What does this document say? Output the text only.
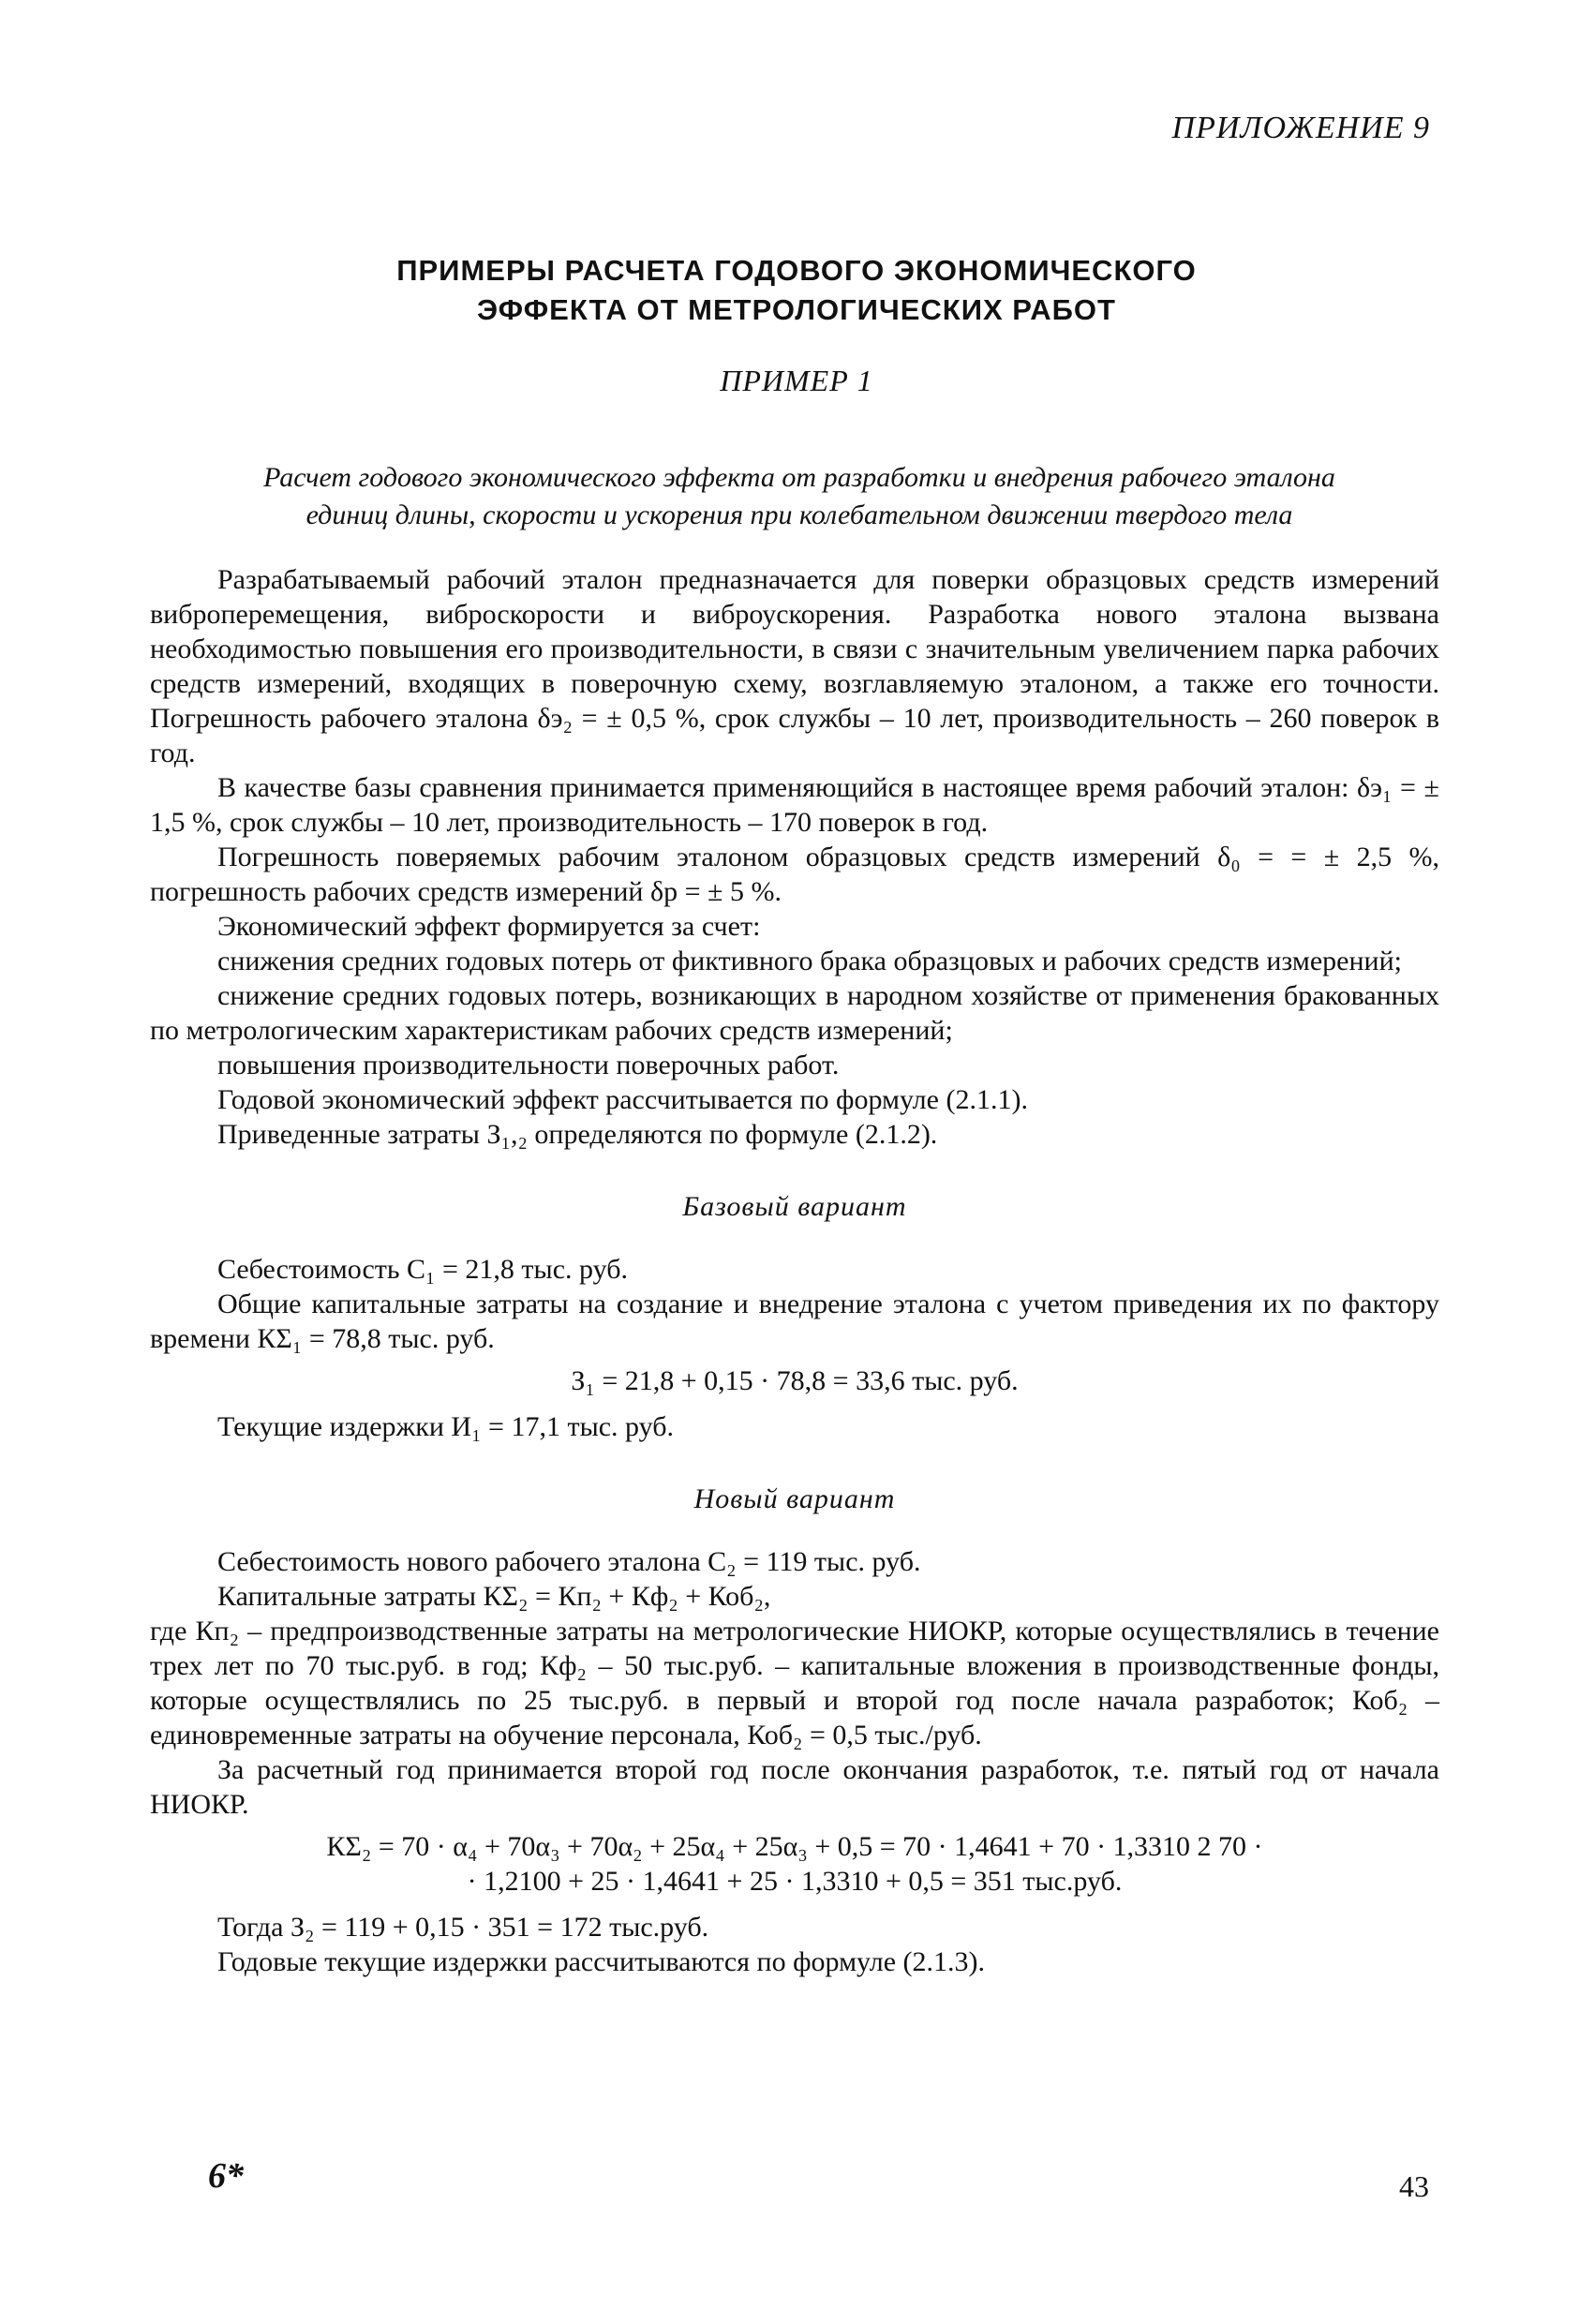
ПРИЛОЖЕНИЕ 9
ПРИМЕРЫ РАСЧЕТА ГОДОВОГО ЭКОНОМИЧЕСКОГО
ЭФФЕКТА ОТ МЕТРОЛОГИЧЕСКИХ РАБОТ
ПРИМЕР 1
Расчет годового экономического эффекта от разработки и внедрения рабочего эталона
единиц длины, скорости и ускорения при колебательном движении твердого тела

Разрабатываемый рабочий эталон предназначается для поверки образцовых средств измерений виброперемещения, виброскорости и виброускорения. Разработка нового эталона вызвана необходимостью повышения его производительности, в связи с значительным увеличением парка рабочих средств измерений, входящих в поверочную схему, возглавляемую эталоном, а также его точности. Погрешность рабочего эталона δэ₂ = ± 0,5 %, срок службы – 10 лет, производительность – 260 поверок в год.

В качестве базы сравнения принимается применяющийся в настоящее время рабочий эталон: δэ₁ = ± 1,5 %, срок службы – 10 лет, производительность – 170 поверок в год.

Погрешность поверяемых рабочим эталоном образцовых средств измерений δ₀ = = ± 2,5 %, погрешность рабочих средств измерений δр = ± 5 %.

Экономический эффект формируется за счет:

снижения средних годовых потерь от фиктивного брака образцовых и рабочих средств измерений;

снижение средних годовых потерь, возникающих в народном хозяйстве от применения бракованных по метрологическим характеристикам рабочих средств измерений;

повышения производительности поверочных работ.

Годовой экономический эффект рассчитывается по формуле (2.1.1).

Приведенные затраты З₁,₂ определяются по формуле (2.1.2).

Базовый вариант

Себестоимость С₁ = 21,8 тыс. руб.

Общие капитальные затраты на создание и внедрение эталона с учетом приведения их по фактору времени КΣ₁ = 78,8 тыс. руб.

З₁ = 21,8 + 0,15 · 78,8 = 33,6 тыс. руб.

Текущие издержки И₁ = 17,1 тыс. руб.

Новый вариант

Себестоимость нового рабочего эталона С₂ = 119 тыс. руб.

Капитальные затраты КΣ₂ = Кп₂ + Кф₂ + Коб₂,

где Кп₂ – предпроизводственные затраты на метрологические НИОКР, которые осуществлялись в течение трех лет по 70 тыс.руб. в год; Кф₂ – 50 тыс.руб. – капитальные вложения в производственные фонды, которые осуществлялись по 25 тыс.руб. в первый и второй год после начала разработок; Коб₂ – единовременные затраты на обучение персонала, Коб₂ = 0,5 тыс./руб.

За расчетный год принимается второй год после окончания разработок, т.е. пятый год от начала НИОКР.

КΣ₂ = 70 · α₄ + 70α₃ + 70α₂ + 25α₄ + 25α₃ + 0,5 = 70 · 1,4641 + 70 · 1,3310 2 70 ·

· 1,2100 + 25 · 1,4641 + 25 · 1,3310 + 0,5 = 351 тыс.руб.

Тогда З₂ = 119 + 0,15 · 351 = 172 тыс.руб.

Годовые текущие издержки рассчитываются по формуле (2.1.3).

6*	43
